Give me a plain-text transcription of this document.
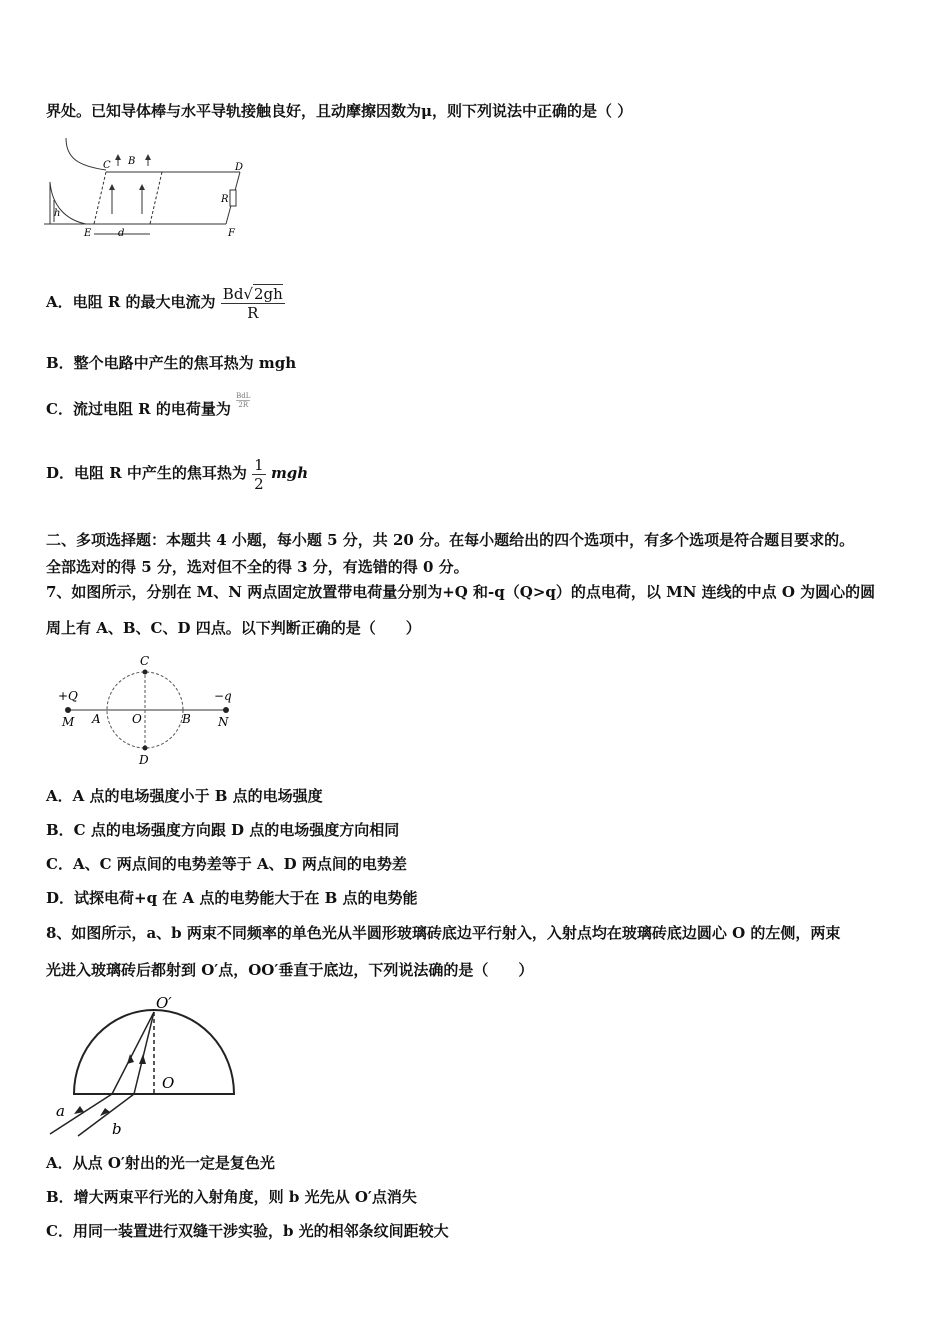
界处。已知导体棒与水平导轨接触良好，且动摩擦因数为μ，则下列说法中正确的是（ ）
C B
D
R
h
E	d	F
A．电阻 R 的最大电流为 $\frac{Bd√2gh}{R}$
B．整个电路中产生的焦耳热为 mgh
C．流过电阻 R 的电荷量为 $\frac{\text{BdL}}{2R}$
D．电阻 R 中产生的焦耳热为 $\frac{1}{2}$ mgh
二、多项选择题：本题共 4 小题，每小题 5 分，共 20 分。在每小题给出的四个选项中，有多个选项是符合题目要求的。
全部选对的得 5 分，选对但不全的得 3 分，有选错的得 0 分。
7、如图所示，分别在 M、N 两点固定放置带电荷量分别为+Q 和-q（Q>q）的点电荷，以 MN 连线的中点 O 为圆心的圆
周上有 A、B、C、D 四点。以下判断正确的是（　　）
+Q	−q
M	N
A	O	B
C
D
A．A 点的电场强度小于 B 点的电场强度
B．C 点的电场强度方向跟 D 点的电场强度方向相同
C．A、C 两点间的电势差等于 A、D 两点间的电势差
D．试探电荷+q 在 A 点的电势能大于在 B 点的电势能
8、如图所示，a、b 两束不同频率的单色光从半圆形玻璃砖底边平行射入，入射点均在玻璃砖底边圆心 O 的左侧，两束
光进入玻璃砖后都射到 O′点，OO′垂直于底边，下列说法确的是（　　）
O′
O
a
b
A．从点 O′射出的光一定是复色光
B．增大两束平行光的入射角度，则 b 光先从 O′点消失
C．用同一装置进行双缝干涉实验，b 光的相邻条纹间距较大
